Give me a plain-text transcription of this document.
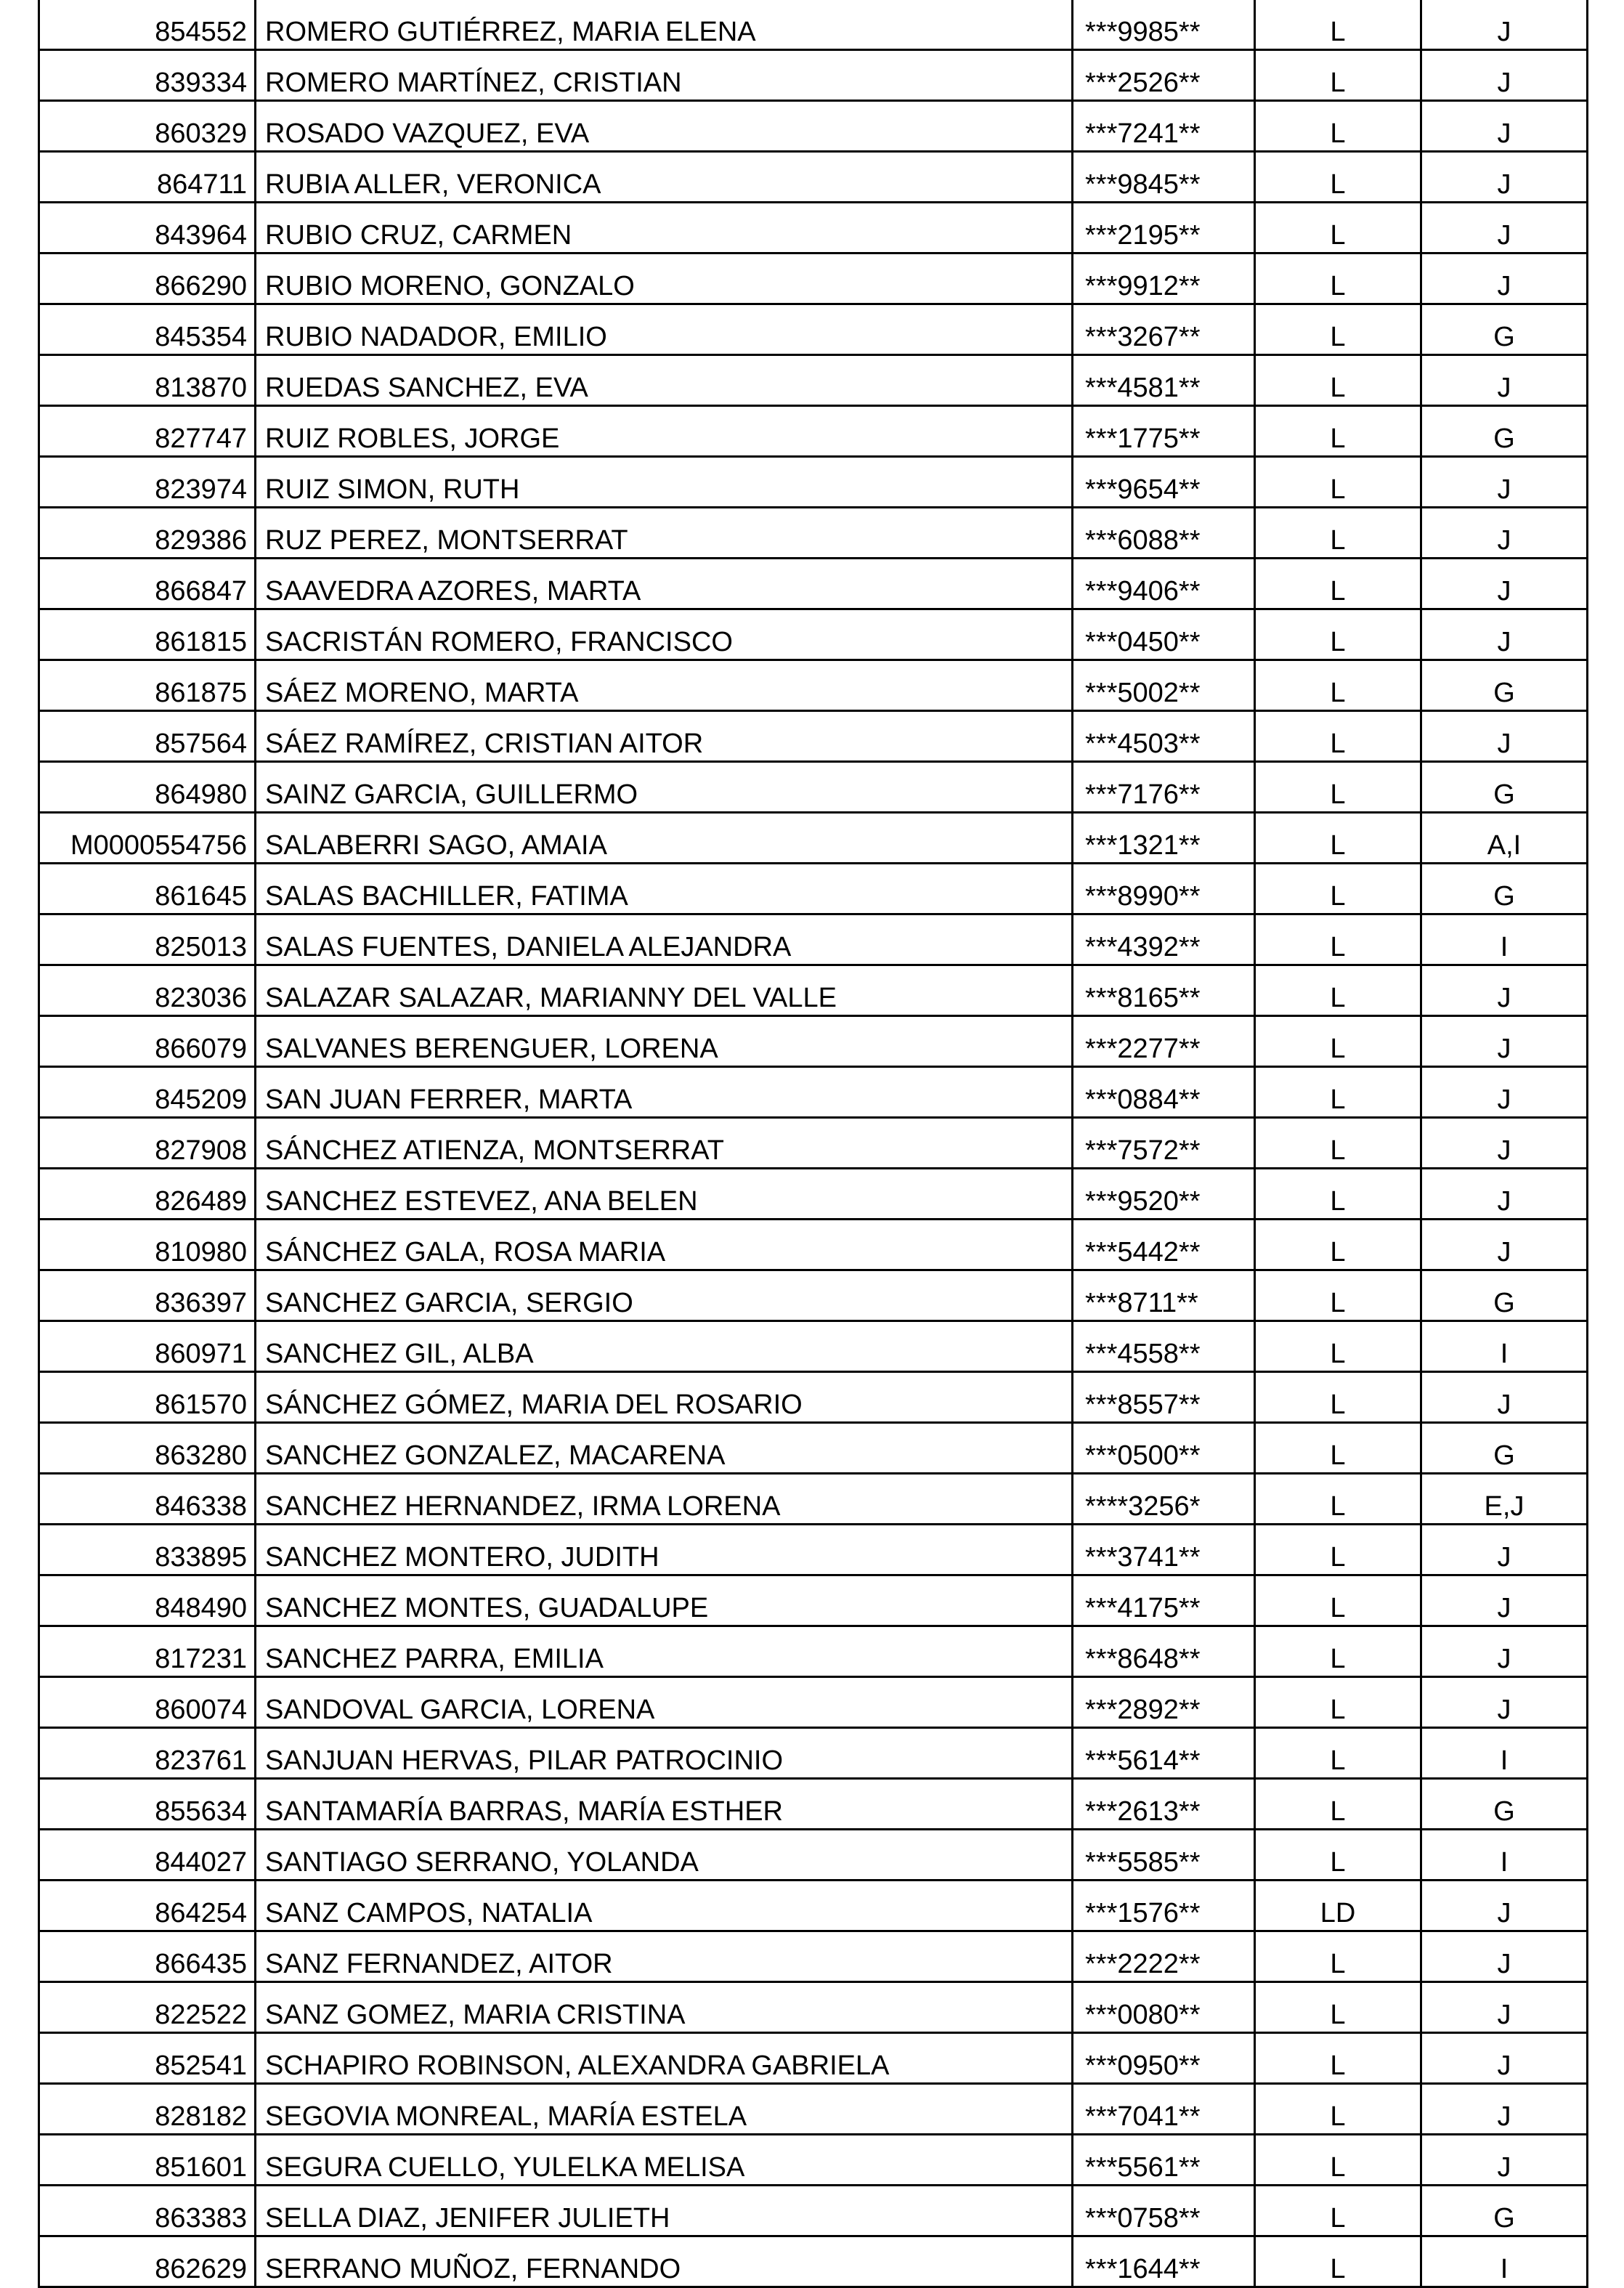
854552	ROMERO GUTIÉRREZ, MARIA ELENA	***9985**	L	J
839334	ROMERO MARTÍNEZ, CRISTIAN	***2526**	L	J
860329	ROSADO VAZQUEZ, EVA	***7241**	L	J
864711	RUBIA ALLER, VERONICA	***9845**	L	J
843964	RUBIO CRUZ, CARMEN	***2195**	L	J
866290	RUBIO MORENO, GONZALO	***9912**	L	J
845354	RUBIO NADADOR, EMILIO	***3267**	L	G
813870	RUEDAS SANCHEZ, EVA	***4581**	L	J
827747	RUIZ ROBLES, JORGE	***1775**	L	G
823974	RUIZ SIMON, RUTH	***9654**	L	J
829386	RUZ PEREZ, MONTSERRAT	***6088**	L	J
866847	SAAVEDRA AZORES, MARTA	***9406**	L	J
861815	SACRISTÁN ROMERO, FRANCISCO	***0450**	L	J
861875	SÁEZ MORENO, MARTA	***5002**	L	G
857564	SÁEZ RAMÍREZ, CRISTIAN AITOR	***4503**	L	J
864980	SAINZ GARCIA, GUILLERMO	***7176**	L	G
M0000554756	SALABERRI SAGO, AMAIA	***1321**	L	A,I
861645	SALAS BACHILLER, FATIMA	***8990**	L	G
825013	SALAS FUENTES, DANIELA ALEJANDRA	***4392**	L	I
823036	SALAZAR SALAZAR, MARIANNY DEL VALLE	***8165**	L	J
866079	SALVANES BERENGUER, LORENA	***2277**	L	J
845209	SAN JUAN FERRER, MARTA	***0884**	L	J
827908	SÁNCHEZ ATIENZA, MONTSERRAT	***7572**	L	J
826489	SANCHEZ ESTEVEZ, ANA BELEN	***9520**	L	J
810980	SÁNCHEZ GALA, ROSA MARIA	***5442**	L	J
836397	SANCHEZ GARCIA, SERGIO	***8711**	L	G
860971	SANCHEZ GIL, ALBA	***4558**	L	I
861570	SÁNCHEZ GÓMEZ, MARIA DEL ROSARIO	***8557**	L	J
863280	SANCHEZ GONZALEZ, MACARENA	***0500**	L	G
846338	SANCHEZ HERNANDEZ, IRMA LORENA	****3256*	L	E,J
833895	SANCHEZ MONTERO, JUDITH	***3741**	L	J
848490	SANCHEZ MONTES, GUADALUPE	***4175**	L	J
817231	SANCHEZ PARRA, EMILIA	***8648**	L	J
860074	SANDOVAL GARCIA, LORENA	***2892**	L	J
823761	SANJUAN HERVAS, PILAR PATROCINIO	***5614**	L	I
855634	SANTAMARÍA BARRAS, MARÍA ESTHER	***2613**	L	G
844027	SANTIAGO SERRANO, YOLANDA	***5585**	L	I
864254	SANZ CAMPOS, NATALIA	***1576**	LD	J
866435	SANZ FERNANDEZ, AITOR	***2222**	L	J
822522	SANZ GOMEZ, MARIA CRISTINA	***0080**	L	J
852541	SCHAPIRO ROBINSON, ALEXANDRA GABRIELA	***0950**	L	J
828182	SEGOVIA MONREAL, MARÍA ESTELA	***7041**	L	J
851601	SEGURA CUELLO, YULELKA MELISA	***5561**	L	J
863383	SELLA DIAZ, JENIFER JULIETH	***0758**	L	G
862629	SERRANO MUÑOZ, FERNANDO	***1644**	L	I
